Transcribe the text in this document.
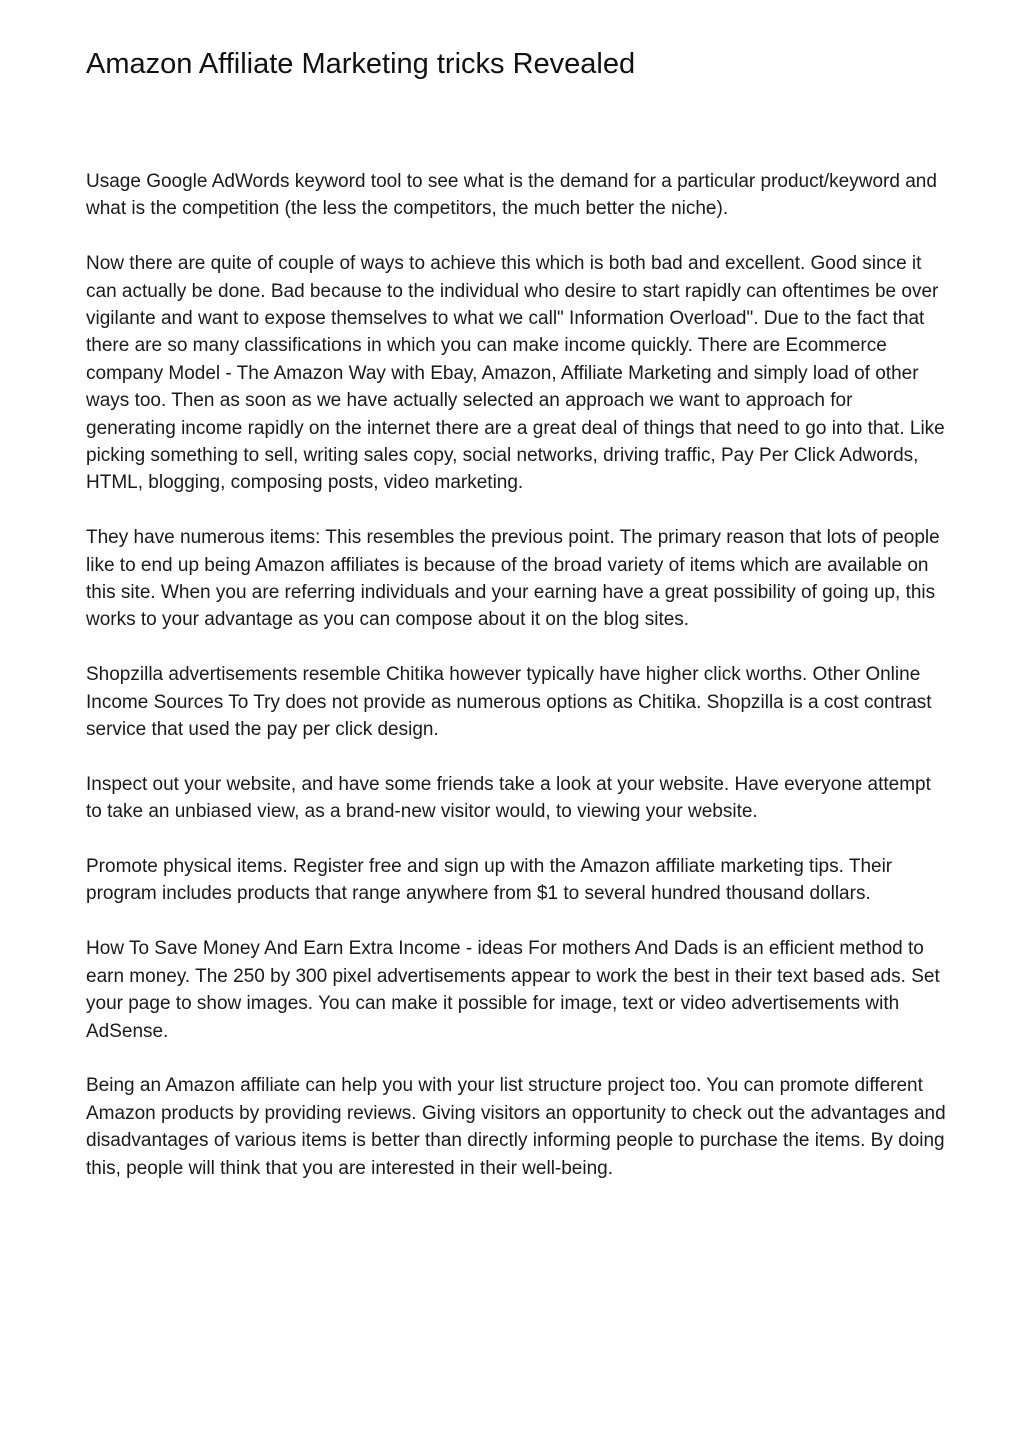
Amazon Affiliate Marketing tricks Revealed

Usage Google AdWords keyword tool to see what is the demand for a particular product/keyword and what is the competition (the less the competitors, the much better the niche).

Now there are quite of couple of ways to achieve this which is both bad and excellent. Good since it can actually be done. Bad because to the individual who desire to start rapidly can oftentimes be over vigilante and want to expose themselves to what we call" Information Overload". Due to the fact that there are so many classifications in which you can make income quickly. There are Ecommerce company Model - The Amazon Way with Ebay, Amazon, Affiliate Marketing and simply load of other ways too. Then as soon as we have actually selected an approach we want to approach for generating income rapidly on the internet there are a great deal of things that need to go into that. Like picking something to sell, writing sales copy, social networks, driving traffic, Pay Per Click Adwords, HTML, blogging, composing posts, video marketing.

They have numerous items: This resembles the previous point. The primary reason that lots of people like to end up being Amazon affiliates is because of the broad variety of items which are available on this site. When you are referring individuals and your earning have a great possibility of going up, this works to your advantage as you can compose about it on the blog sites.

Shopzilla advertisements resemble Chitika however typically have higher click worths. Other Online Income Sources To Try does not provide as numerous options as Chitika. Shopzilla is a cost contrast service that used the pay per click design.

Inspect out your website, and have some friends take a look at your website. Have everyone attempt to take an unbiased view, as a brand-new visitor would, to viewing your website.

Promote physical items. Register free and sign up with the Amazon affiliate marketing tips. Their program includes products that range anywhere from $1 to several hundred thousand dollars.

How To Save Money And Earn Extra Income - ideas For mothers And Dads is an efficient method to earn money. The 250 by 300 pixel advertisements appear to work the best in their text based ads. Set your page to show images. You can make it possible for image, text or video advertisements with AdSense.

Being an Amazon affiliate can help you with your list structure project too. You can promote different Amazon products by providing reviews. Giving visitors an opportunity to check out the advantages and disadvantages of various items is better than directly informing people to purchase the items. By doing this, people will think that you are interested in their well-being.
